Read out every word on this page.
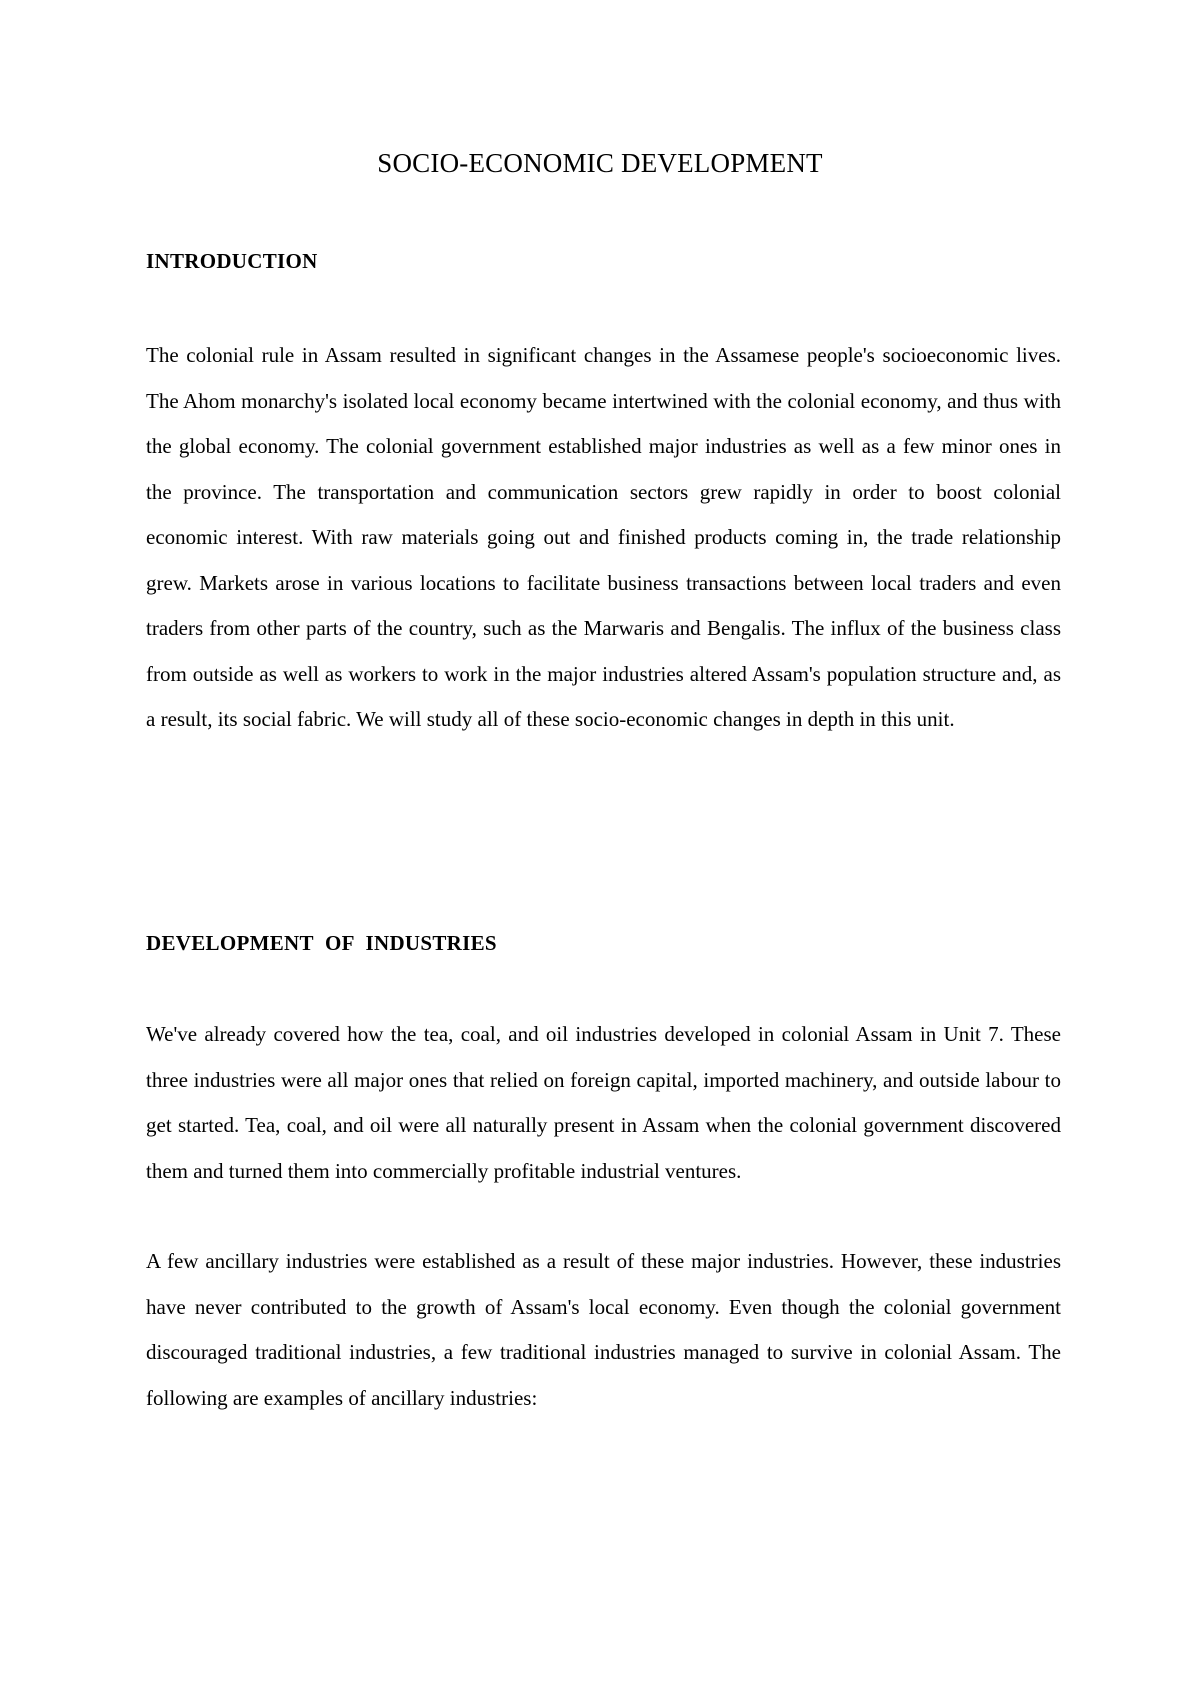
SOCIO-ECONOMIC DEVELOPMENT
INTRODUCTION

The colonial rule in Assam resulted in significant changes in the Assamese people's socioeconomic lives. The Ahom monarchy's isolated local economy became intertwined with the colonial economy, and thus with the global economy. The colonial government established major industries as well as a few minor ones in the province. The transportation and communication sectors grew rapidly in order to boost colonial economic interest. With raw materials going out and finished products coming in, the trade relationship grew. Markets arose in various locations to facilitate business transactions between local traders and even traders from other parts of the country, such as the Marwaris and Bengalis. The influx of the business class from outside as well as workers to work in the major industries altered Assam's population structure and, as a result, its social fabric. We will study all of these socio-economic changes in depth in this unit.

DEVELOPMENT OF INDUSTRIES

We've already covered how the tea, coal, and oil industries developed in colonial Assam in Unit 7. These three industries were all major ones that relied on foreign capital, imported machinery, and outside labour to get started. Tea, coal, and oil were all naturally present in Assam when the colonial government discovered them and turned them into commercially profitable industrial ventures.

A few ancillary industries were established as a result of these major industries. However, these industries have never contributed to the growth of Assam's local economy. Even though the colonial government discouraged traditional industries, a few traditional industries managed to survive in colonial Assam. The following are examples of ancillary industries:
